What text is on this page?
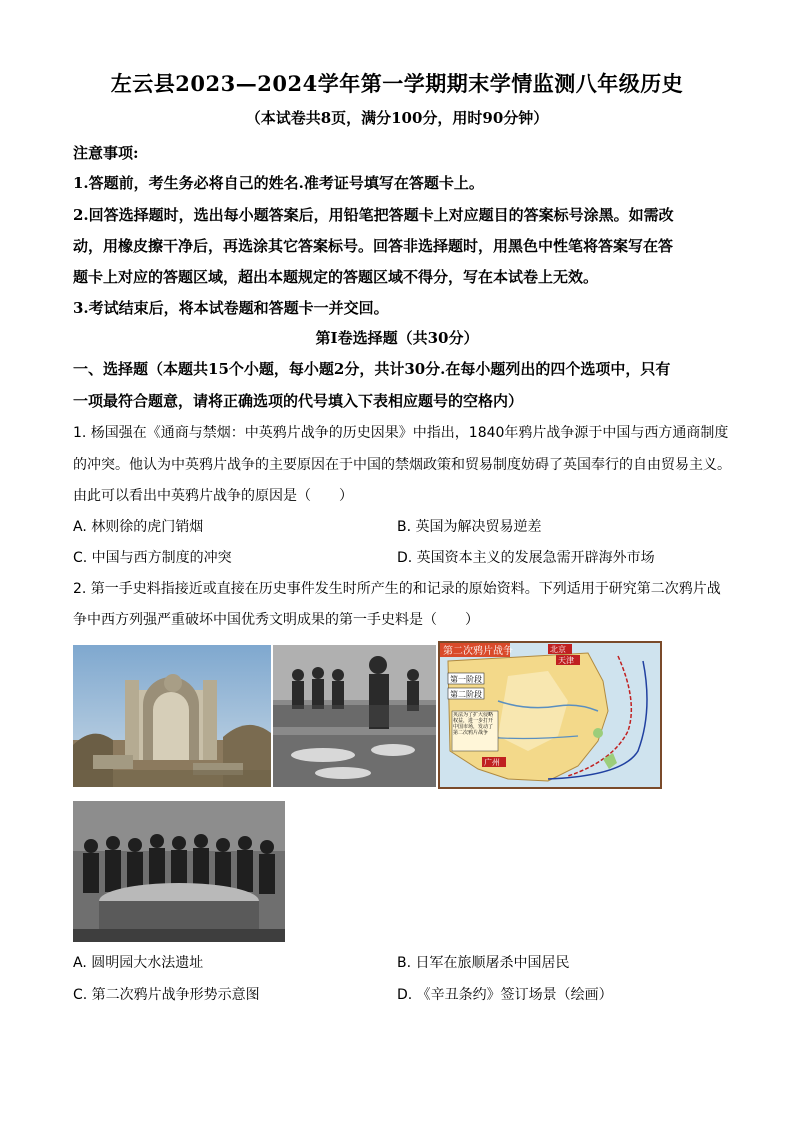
左云县2023—2024学年第一学期期末学情监测八年级历史
（本试卷共8页，满分100分，用时90分钟）
注意事项:
1.答题前，考生务必将自己的姓名.准考证号填写在答题卡上。
2.回答选择题时，选出每小题答案后，用铅笔把答题卡上对应题目的答案标号涂黑。如需改
动，用橡皮擦干净后，再选涂其它答案标号。回答非选择题时，用黑色中性笔将答案写在答
题卡上对应的答题区域，超出本题规定的答题区域不得分，写在本试卷上无效。
3.考试结束后，将本试卷题和答题卡一并交回。
第Ⅰ卷选择题（共30分）
一、选择题（本题共15个小题，每小题2分，共计30分.在每小题列出的四个选项中，只有
一项最符合题意，请将正确选项的代号填入下表相应题号的空格内）
1. 杨国强在《通商与禁烟：中英鸦片战争的历史因果》中指出，1840年鸦片战争源于中国与西方通商制度
的冲突。他认为中英鸦片战争的主要原因在于中国的禁烟政策和贸易制度妨碍了英国奉行的自由贸易主义。
由此可以看出中英鸦片战争的原因是（　　）
A. 林则徐的虎门销烟	B. 英国为解决贸易逆差
C. 中国与西方制度的冲突	D. 英国资本主义的发展急需开辟海外市场
2. 第一手史料指接近或直接在历史事件发生时所产生的和记录的原始资料。下列适用于研究第二次鸦片战
争中西方列强严重破坏中国优秀文明成果的第一手史料是（　　）
第二次鸦片战争
第一阶段
第二阶段
北京
天津
广州
英法为了扩大侵略权益，进一步打开中国市场，发动了第二次鸦片战争
A. 圆明园大水法遗址	B. 日军在旅顺屠杀中国居民
C. 第二次鸦片战争形势示意图	D. 《辛丑条约》签订场景（绘画）
